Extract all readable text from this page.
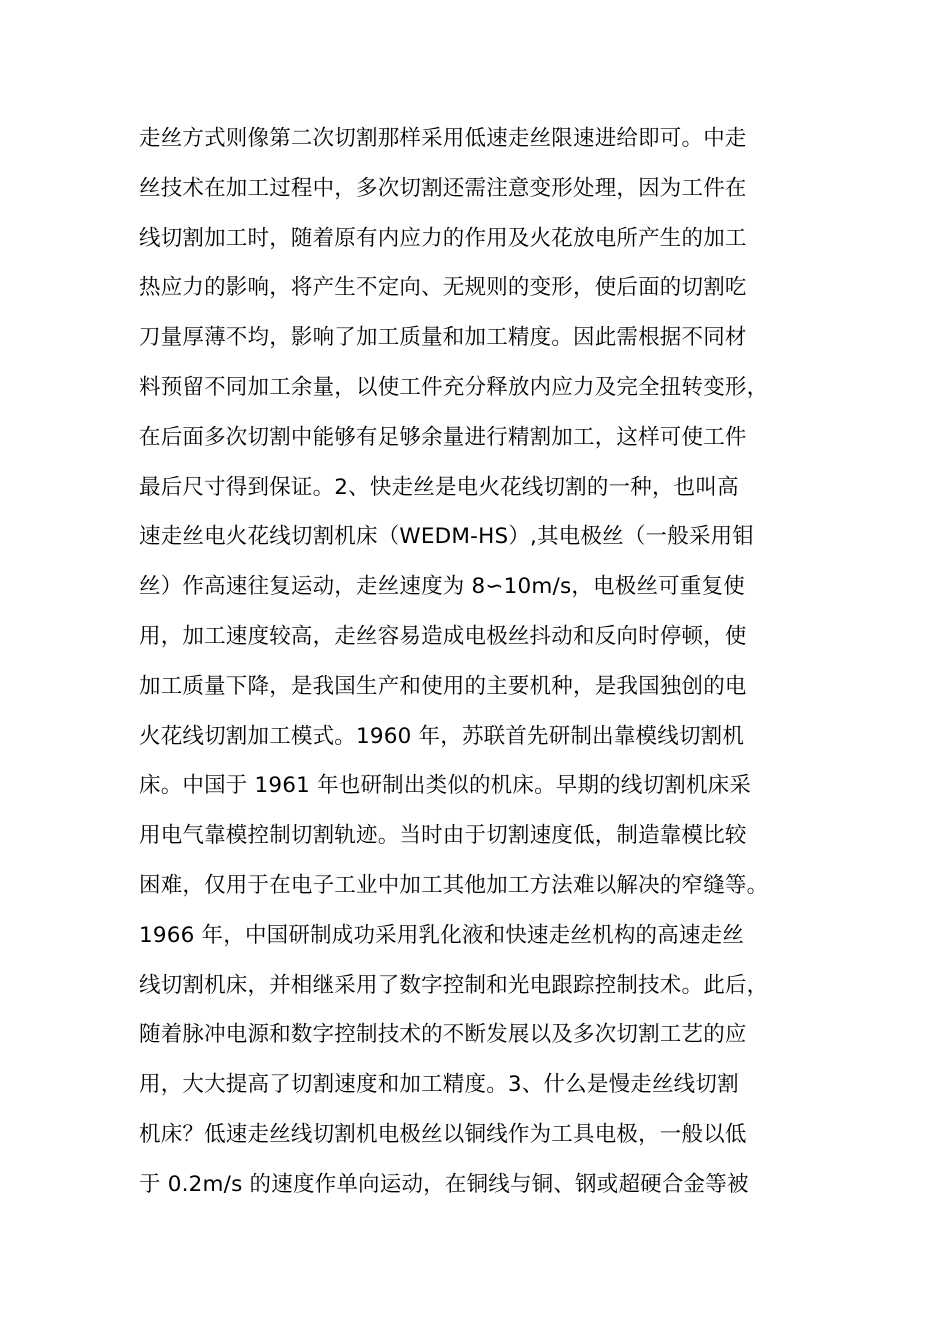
走丝方式则像第二次切割那样采用低速走丝限速进给即可。中走
丝技术在加工过程中，多次切割还需注意变形处理，因为工件在
线切割加工时，随着原有内应力的作用及火花放电所产生的加工
热应力的影响，将产生不定向、无规则的变形，使后面的切割吃
刀量厚薄不均，影响了加工质量和加工精度。因此需根据不同材
料预留不同加工余量，以使工件充分释放内应力及完全扭转变形，
在后面多次切割中能够有足够余量进行精割加工，这样可使工件
最后尺寸得到保证。2、快走丝是电火花线切割的一种，也叫高
速走丝电火花线切割机床（WEDM-HS）,其电极丝（一般采用钼
丝）作高速往复运动，走丝速度为 8∽10m/s，电极丝可重复使
用，加工速度较高，走丝容易造成电极丝抖动和反向时停顿，使
加工质量下降，是我国生产和使用的主要机种，是我国独创的电
火花线切割加工模式。1960 年，苏联首先研制出靠模线切割机
床。中国于 1961 年也研制出类似的机床。早期的线切割机床采
用电气靠模控制切割轨迹。当时由于切割速度低，制造靠模比较
困难，仅用于在电子工业中加工其他加工方法难以解决的窄缝等。
1966 年，中国研制成功采用乳化液和快速走丝机构的高速走丝
线切割机床，并相继采用了数字控制和光电跟踪控制技术。此后，
随着脉冲电源和数字控制技术的不断发展以及多次切割工艺的应
用，大大提高了切割速度和加工精度。3、什么是慢走丝线切割
机床？低速走丝线切割机电极丝以铜线作为工具电极，一般以低
于 0.2m/s 的速度作单向运动，在铜线与铜、钢或超硬合金等被
